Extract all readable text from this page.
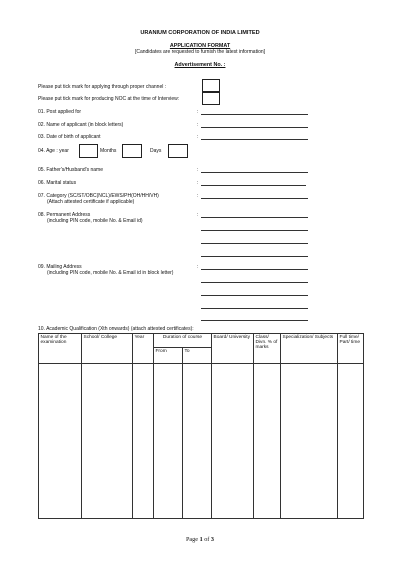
URANIUM CORPORATION OF INDIA LIMITED
APPLICATION FORMAT
[Candidates are requested to furnish the latest information]
Advertisement No. :
Please put tick mark for applying through proper channel :
Please put tick mark for producing NOC at the time of Interview:
01. Post applied for	:
02. Name of applicant (in block letters)	:
03. Date of birth of applicant	:
04. Age : year	Months	Days
05. Father's/Husband's name	:
06. Marital status	:
07. Category (SC/ST/OBC(NCL)/EWS/PH(OH/HH/VH)
(Attach attested certificate if applicable)
:
08. Permanent Address
(including PIN code, mobile No. & Email id)
:
09. Mailing Address
(including PIN code, mobile No. & Email id in block letter)
:
10. Academic Qualification (Xth onwards) (attach attested certificates):
Name of the examination	School/ College	Year	Duration of course		Board/ University	Class/ Divn. % of marks	Specialization/ Subjects	Full time/ Part/ time
			From	To				

Page 1 of 3
